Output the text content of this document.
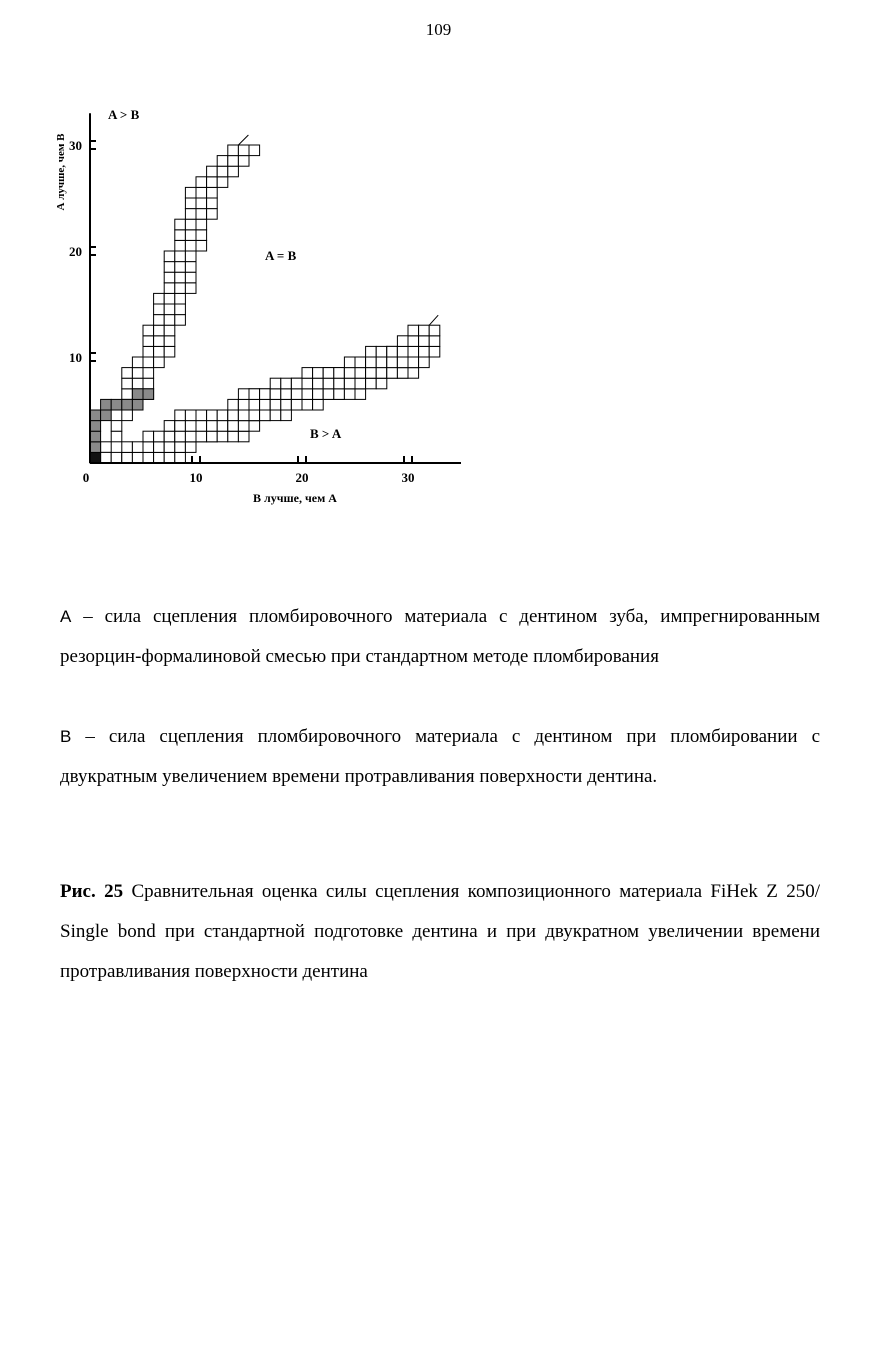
109
0	10	20	30
10
20
30
A > B
A = B
B > A
В лучше, чем А
А лучше, чем В

А – сила сцепления пломбировочного материала с дентином зуба, импрегнированным резорцин-формалиновой смесью при стандартном методе пломбирования

В – сила сцепления пломбировочного материала с дентином при пломбировании с двукратным увеличением времени протравливания поверхности дентина.

Рис. 25 Сравнительная оценка силы сцепления композиционного материала FiHek Z 250/ Single bond при стандартной подготовке дентина и при двукратном увеличении времени протравливания поверхности дентина
